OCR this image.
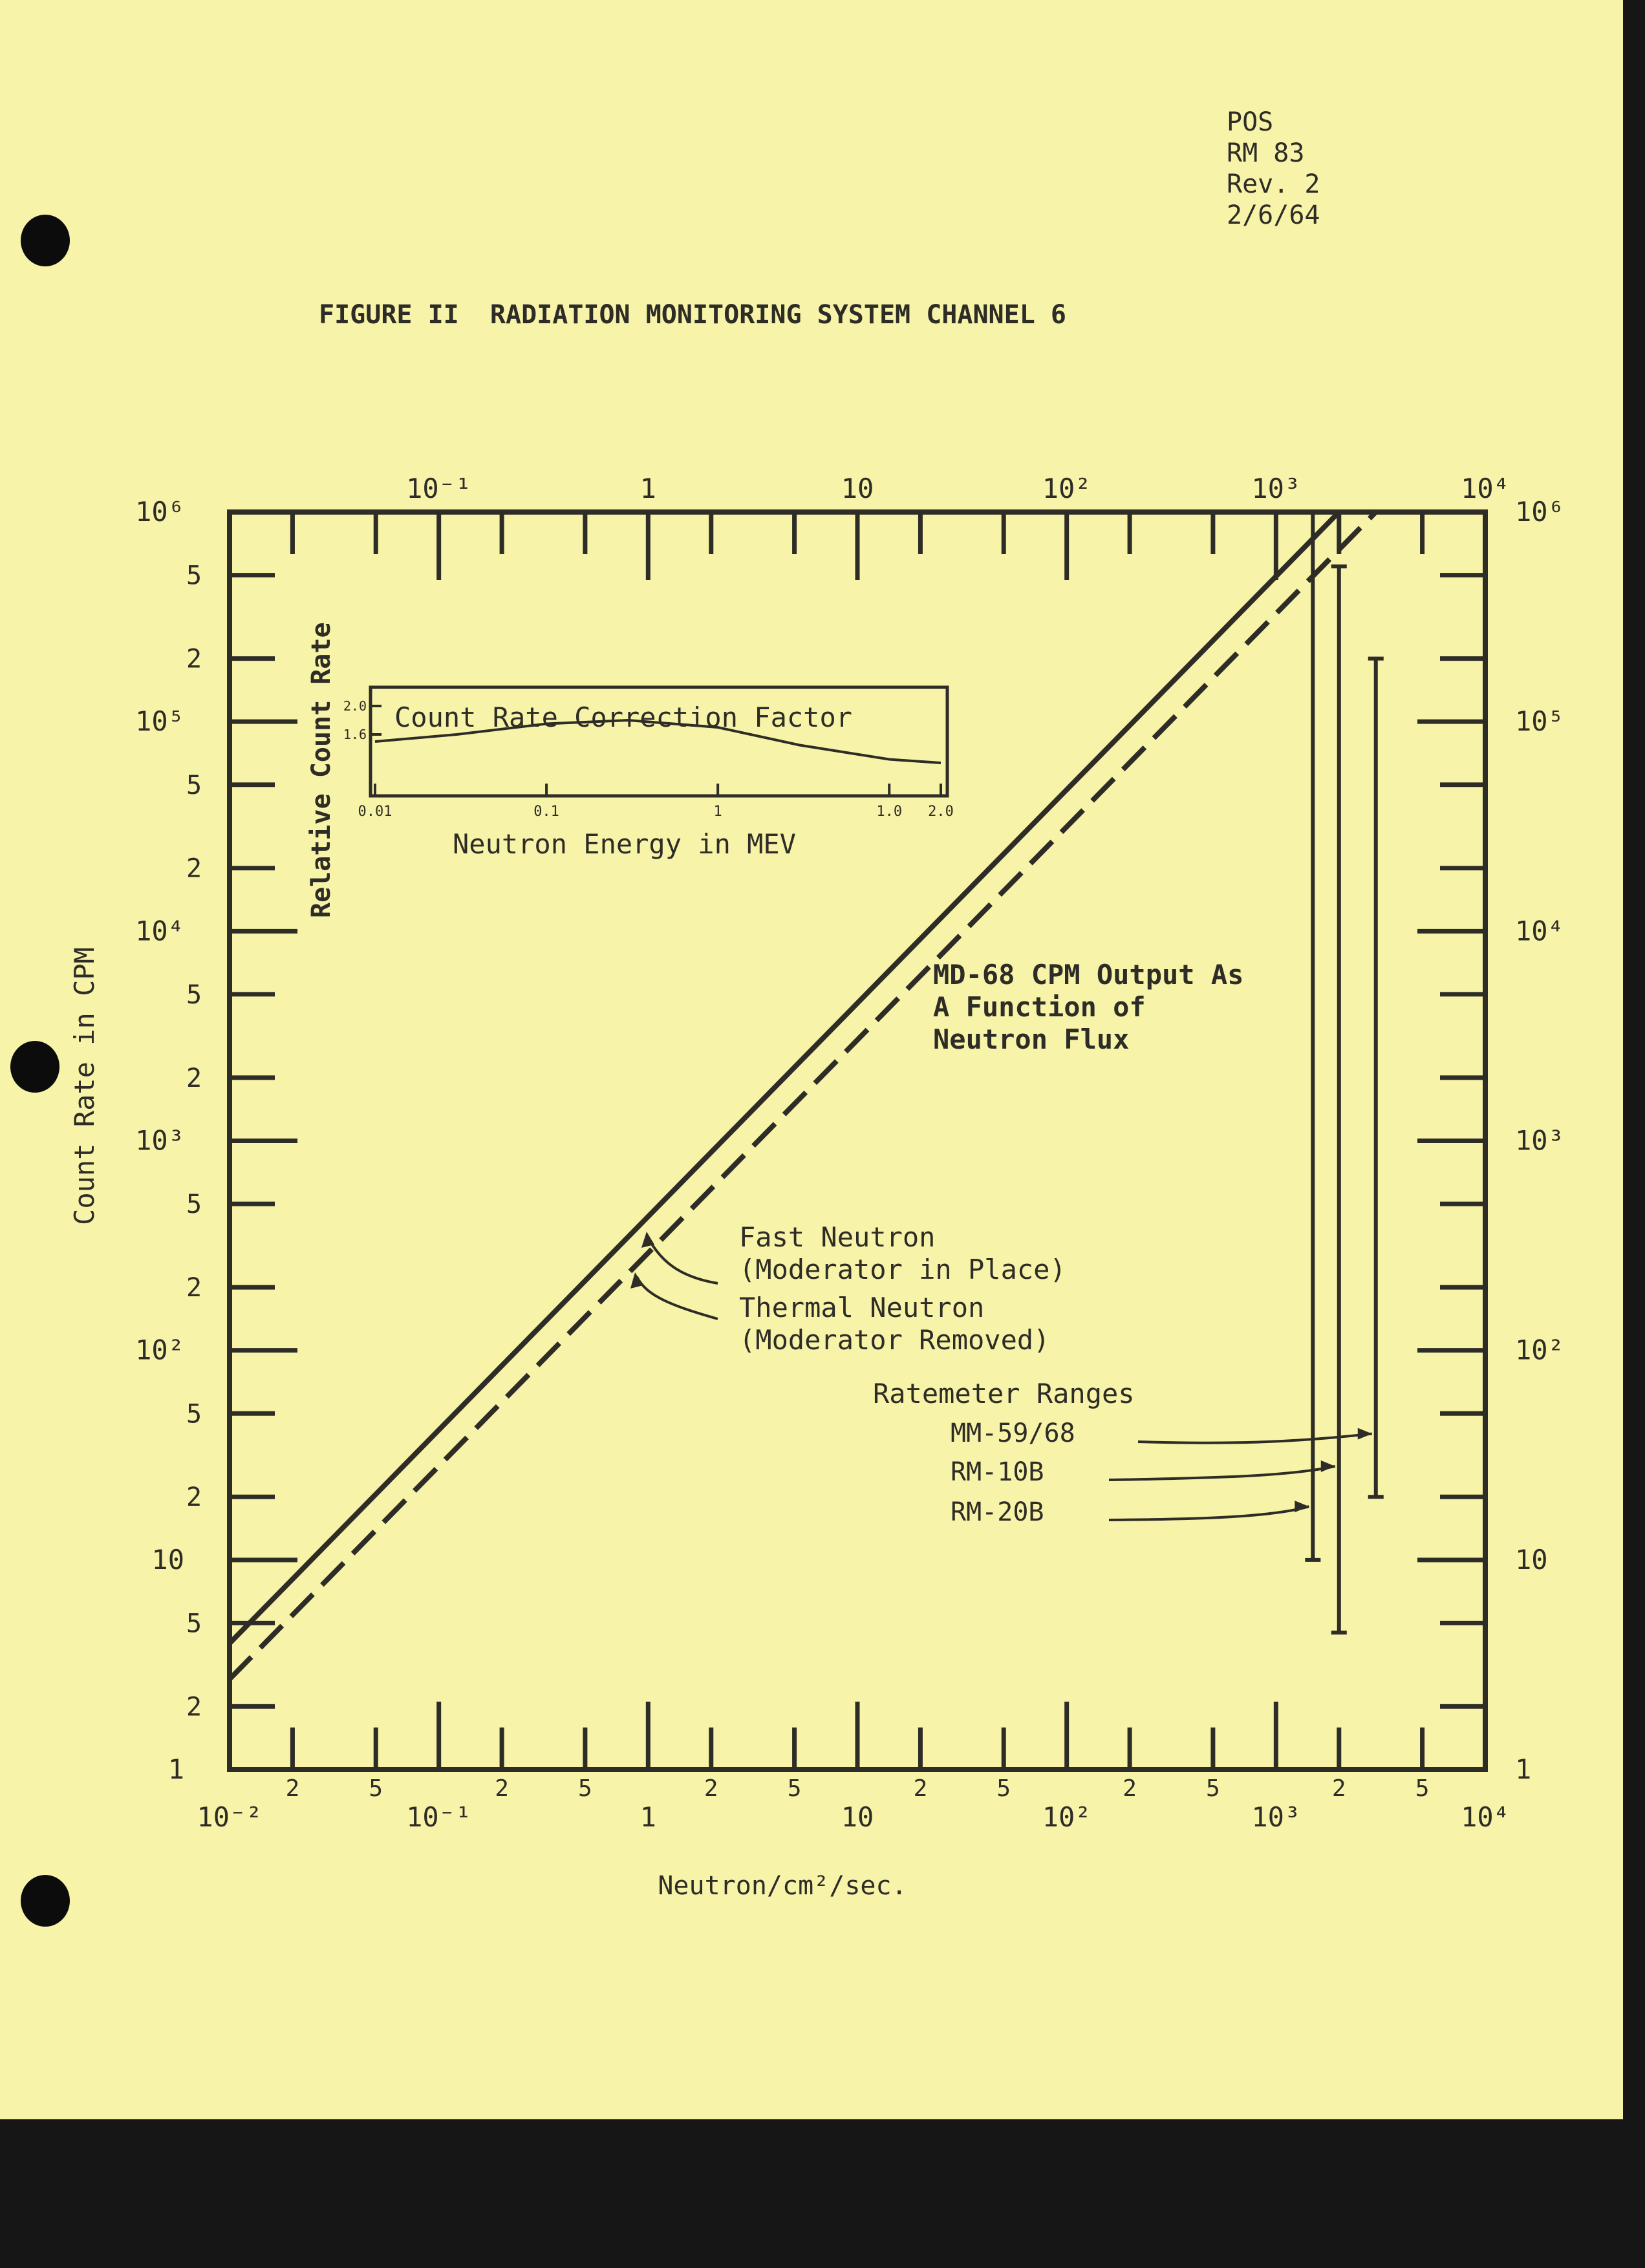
POS
RM 83
Rev. 2
2/6/64
FIGURE II  RADIATION MONITORING SYSTEM CHANNEL 6
10⁻²	10⁻¹
10⁻¹
1
1
10
10
10²
10²
10³
10³
10⁴
10⁴
2	5	2	5	2	5	2	5	2	5	2	5
1	1
10	10
10²	10²
10³	10³
10⁴	10⁴
10⁵	10⁵
10⁶	10⁶
2
5
2
5
2
5
2
5
2
5
2
5
Neutron/cm²/sec.
Count Rate in CPM	MD-68 CPM Output As
A Function of
Neutron Flux
Fast Neutron
(Moderator in Place)
Thermal Neutron
(Moderator Removed)
Ratemeter Ranges
MM-59/68
RM-10B
RM-20B
Count Rate Correction Factor
Neutron Energy in MEV
Relative Count Rate 0.01	0.1	1	1.0 2.0
2.0
1.6
